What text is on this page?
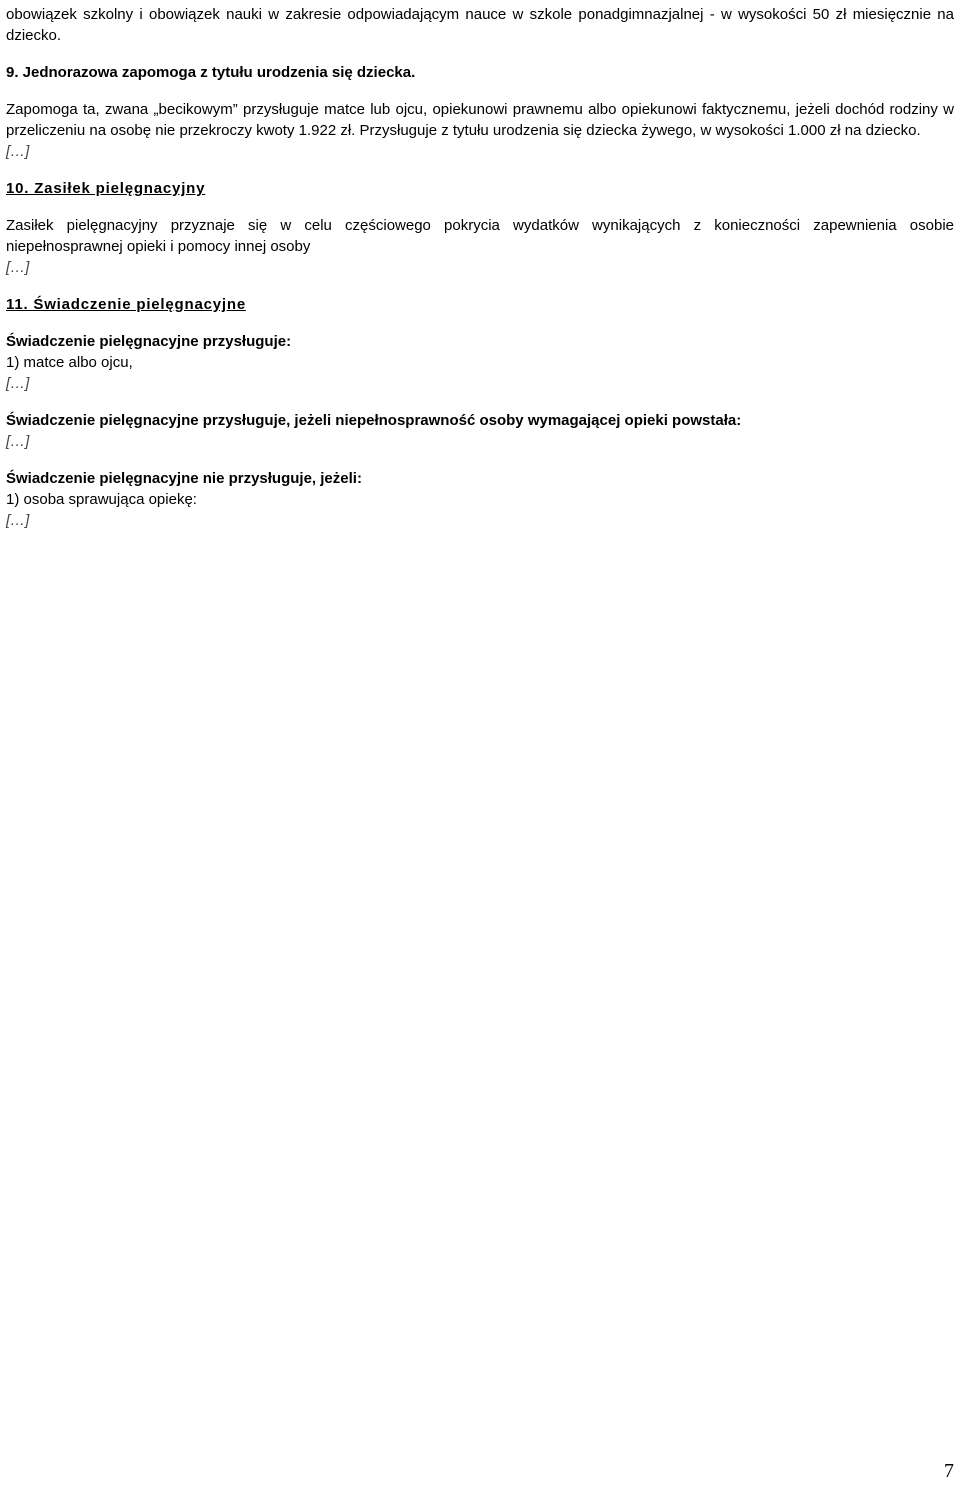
obowiązek szkolny i obowiązek nauki w zakresie odpowiadającym nauce w szkole ponadgimnazjalnej - w wysokości 50 zł miesięcznie na dziecko.

9. Jednorazowa zapomoga z tytułu urodzenia się dziecka.

Zapomoga ta, zwana „becikowym” przysługuje matce lub ojcu, opiekunowi prawnemu albo opiekunowi faktycznemu, jeżeli dochód rodziny w przeliczeniu na osobę nie przekroczy kwoty 1.922 zł. Przysługuje z tytułu urodzenia się dziecka żywego, w wysokości 1.000 zł na dziecko.

[…]

10. Zasiłek pielęgnacyjny

Zasiłek pielęgnacyjny przyznaje się w celu częściowego pokrycia wydatków wynikających z konieczności zapewnienia osobie niepełnosprawnej opieki i pomocy innej osoby

[…]

11. Świadczenie pielęgnacyjne

Świadczenie pielęgnacyjne przysługuje:

1) matce albo ojcu,

[…]

Świadczenie pielęgnacyjne przysługuje, jeżeli niepełnosprawność osoby wymagającej opieki powstała:

[…]

Świadczenie pielęgnacyjne nie przysługuje, jeżeli:

1) osoba sprawująca opiekę:

[…]

7
